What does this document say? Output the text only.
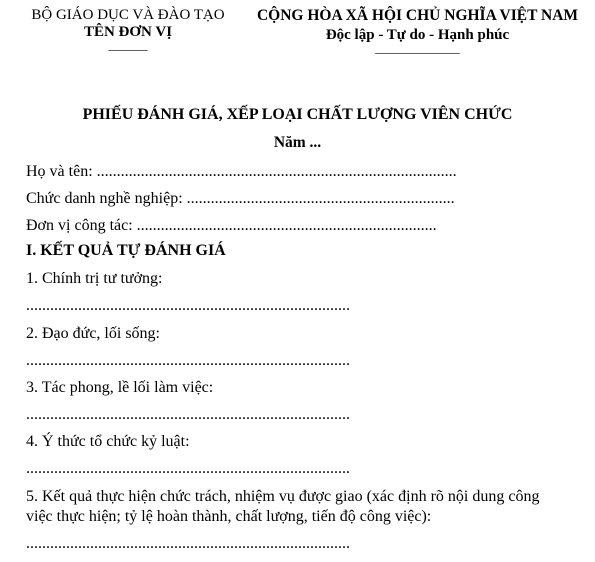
BỘ GIÁO DỤC VÀ ĐÀO TẠO
TÊN ĐƠN VỊ
______
CỘNG HÒA XÃ HỘI CHỦ NGHĨA VIỆT NAM
Độc lập - Tự do - Hạnh phúc
_____________
PHIẾU ĐÁNH GIÁ, XẾP LOẠI CHẤT LƯỢNG VIÊN CHỨC
Năm ...
Họ và tên: ..........................................................................................
Chức danh nghề nghiệp: ...................................................................
Đơn vị công tác: ...........................................................................
I. KẾT QUẢ TỰ ĐÁNH GIÁ
1. Chính trị tư tưởng:
.................................................................................
2. Đạo đức, lối sống:
.................................................................................
3. Tác phong, lề lối làm việc:
.................................................................................
4. Ý thức tổ chức kỷ luật:
.................................................................................
5. Kết quả thực hiện chức trách, nhiệm vụ được giao (xác định rõ nội dung công
việc thực hiện; tỷ lệ hoàn thành, chất lượng, tiến độ công việc):
.................................................................................
